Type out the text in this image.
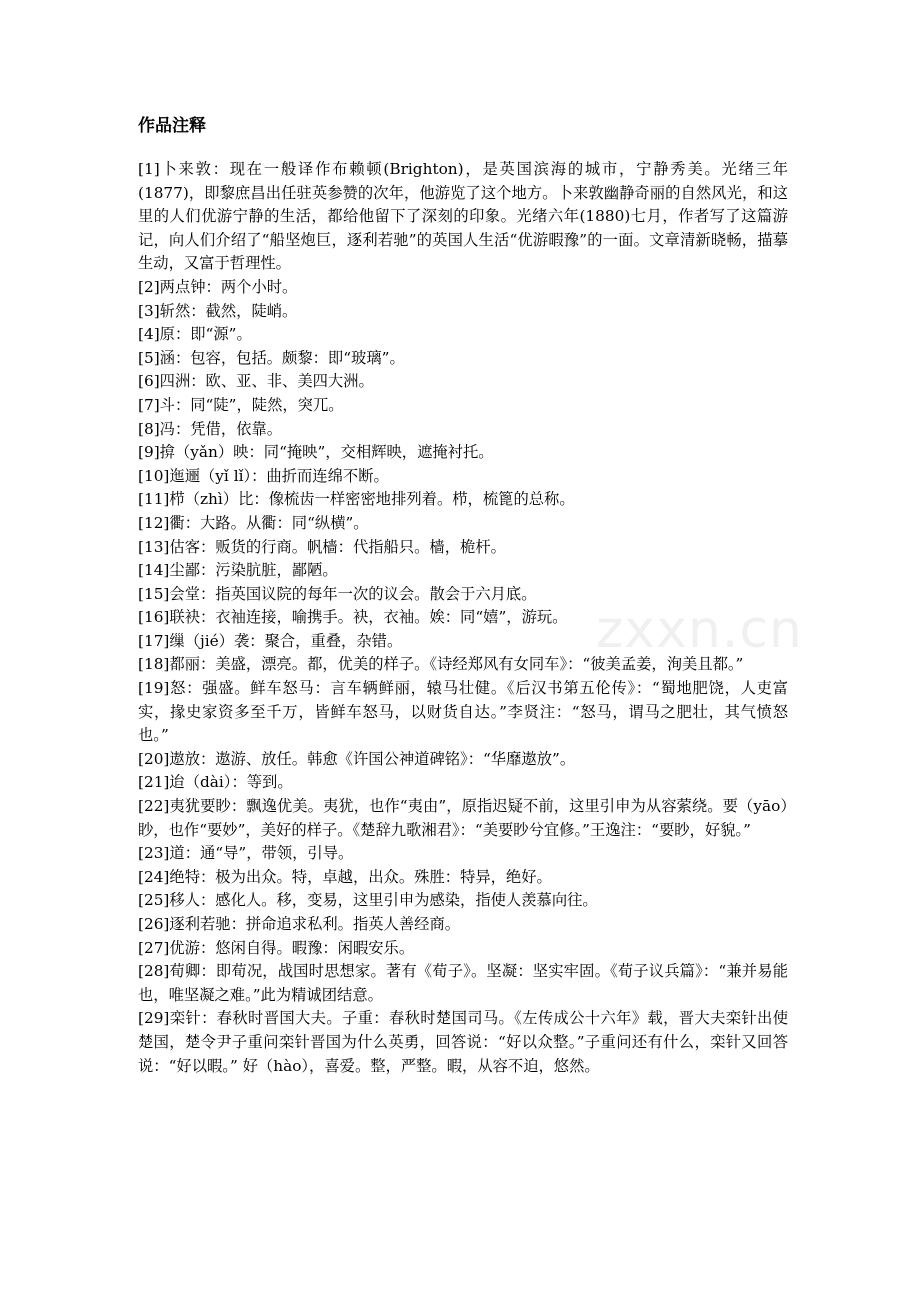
作品注释
[1]卜来敦：现在一般译作布赖顿(Brighton)，是英国滨海的城市，宁静秀美。光绪三年(1877)，即黎庶昌出任驻英参赞的次年，他游览了这个地方。卜来敦幽静奇丽的自然风光，和这里的人们优游宁静的生活，都给他留下了深刻的印象。光绪六年(1880)七月，作者写了这篇游记，向人们介绍了“船坚炮巨，逐利若驰”的英国人生活“优游暇豫”的一面。文章清新晓畅，描摹生动，又富于哲理性。
[2]两点钟：两个小时。
[3]斩然：截然，陡峭。
[4]原：即“源”。
[5]涵：包容，包括。颇黎：即“玻璃”。
[6]四洲：欧、亚、非、美四大洲。
[7]斗：同“陡”，陡然，突兀。
[8]冯：凭借，依靠。
[9]揜（yǎn）映：同“掩映”，交相辉映，遮掩衬托。
[10]迤逦（yǐ lǐ）：曲折而连绵不断。
[11]栉（zhì）比：像梳齿一样密密地排列着。栉，梳篦的总称。
[12]衢：大路。从衢：同“纵横”。
[13]估客：贩货的行商。帆樯：代指船只。樯，桅杆。
[14]尘鄙：污染肮脏，鄙陋。
[15]会堂：指英国议院的每年一次的议会。散会于六月底。
[16]联袂：衣袖连接，喻携手。袂，衣袖。娭：同“嬉”，游玩。
[17]缫（jié）袭：聚合，重叠，杂错。
[18]都丽：美盛，漂亮。都，优美的样子。《诗经郑风有女同车》：“彼美孟姜，洵美且都。”
[19]怒：强盛。鲜车怒马：言车辆鲜丽，辕马壮健。《后汉书第五伦传》：“蜀地肥饶，人吏富实，掾史家资多至千万，皆鲜车怒马，以财货自达。”李贤注：“怒马，谓马之肥壮，其气愤怒也。”
[20]遨放：遨游、放任。韩愈《许国公神道碑铭》：“华靡遨放”。
[21]迨（dài）：等到。
[22]夷犹要眇：飘逸优美。夷犹，也作“夷由”，原指迟疑不前，这里引申为从容萦绕。要（yāo）眇，也作“要妙”，美好的样子。《楚辞九歌湘君》：“美要眇兮宜修。”王逸注：“要眇，好貌。”
[23]道：通“导”，带领，引导。
[24]绝特：极为出众。特，卓越，出众。殊胜：特异，绝好。
[25]移人：感化人。移，变易，这里引申为感染，指使人羡慕向往。
[26]逐利若驰：拼命追求私利。指英人善经商。
[27]优游：悠闲自得。暇豫：闲暇安乐。
[28]荀卿：即荀况，战国时思想家。著有《荀子》。坚凝：坚实牢固。《荀子议兵篇》：“兼并易能也，唯坚凝之难。”此为精诚团结意。
[29]栾针：春秋时晋国大夫。子重：春秋时楚国司马。《左传成公十六年》载，晋大夫栾针出使楚国，楚令尹子重问栾针晋国为什么英勇，回答说：“好以众整。”子重问还有什么，栾针又回答说：“好以暇。” 好（hào），喜爱。整，严整。暇，从容不迫，悠然。
zxxn.cn
